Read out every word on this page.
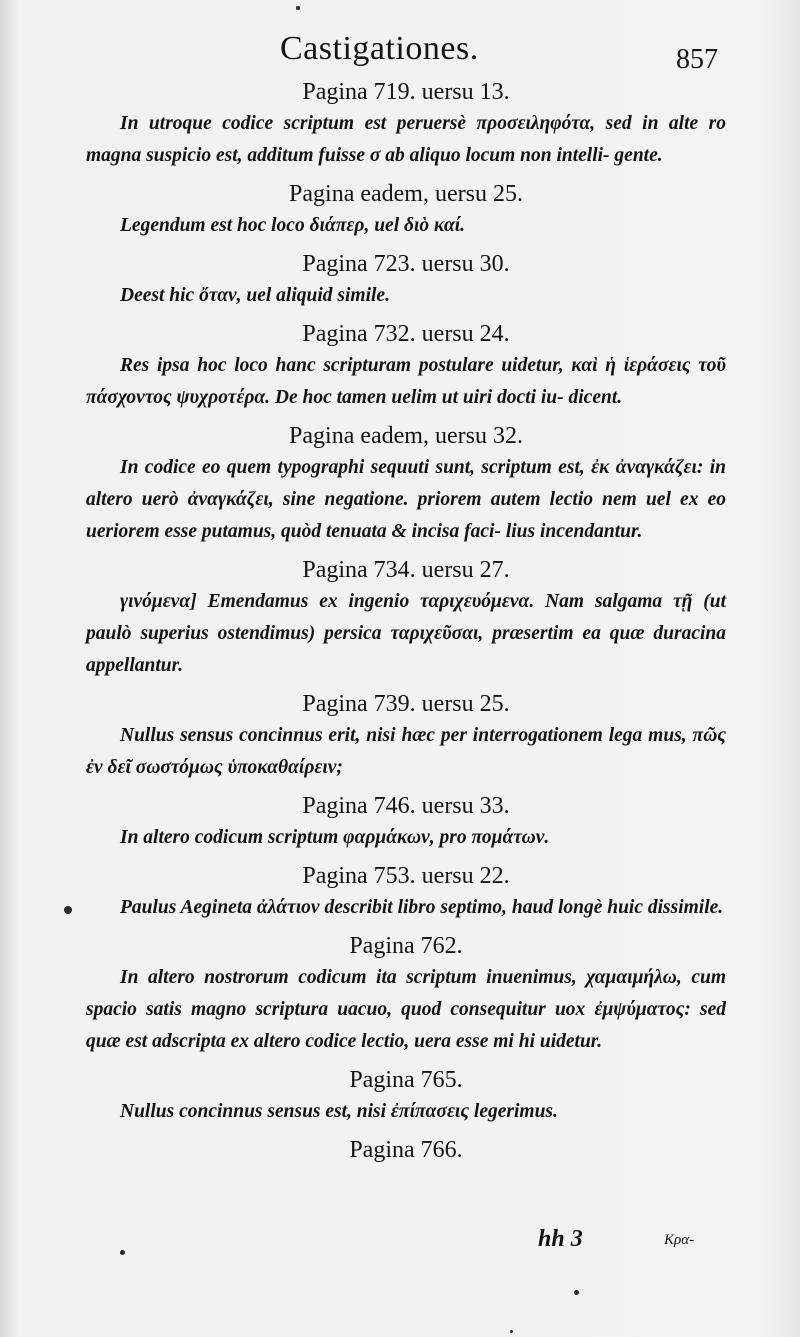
Castigationes.	857

Pagina 719. uersu 13.

In utroque codice scriptum est peruersè προσειληφότα, sed in alte ro magna suspicio est, additum fuisse σ ab aliquo locum non intelli- gente.

Pagina eadem, uersu 25.

Legendum est hoc loco διάπερ, uel διὸ καί.

Pagina 723. uersu 30.

Deest hic ὄταν, uel aliquid simile.

Pagina 732. uersu 24.

Res ipsa hoc loco hanc scripturam postulare uidetur, καὶ ἡ ἱεράσεις τοῦ πάσχοντος ψυχροτέρα. De hoc tamen uelim ut uiri docti iu- dicent.

Pagina eadem, uersu 32.

In codice eo quem typographi sequuti sunt, scriptum est, ἐκ ἀναγκάζει: in altero uerò ἀναγκάζει, sine negatione. priorem autem lectio nem uel ex eo ueriorem esse putamus, quòd tenuata & incisa faci- lius incendantur.

Pagina 734. uersu 27.

γινόμενα] Emendamus ex ingenio ταριχευόμενα. Nam salgama τῇ (ut paulò superius ostendimus) persica ταριχεῦσαι, præsertim ea quæ duracina appellantur.

Pagina 739. uersu 25.

Nullus sensus concinnus erit, nisi hæc per interrogationem lega mus, πῶς ἐν δεῖ σωστόμως ὑποκαθαίρειν;

Pagina 746. uersu 33.

In altero codicum scriptum φαρμάκων, pro πομάτων.

Pagina 753. uersu 22.

Paulus Aegineta ἀλάτιον describit libro septimo, haud longè huic dissimile.

Pagina 762.

In altero nostrorum codicum ita scriptum inuenimus, χαμαιμήλω, cum spacio satis magno scriptura uacuo, quod consequitur uox ἐμψύματος: sed quæ est adscripta ex altero codice lectio, uera esse mi hi uidetur.

Pagina 765.

Nullus concinnus sensus est, nisi ἐπίπασεις legerimus.

Pagina 766.

hh 3	Κρα-
